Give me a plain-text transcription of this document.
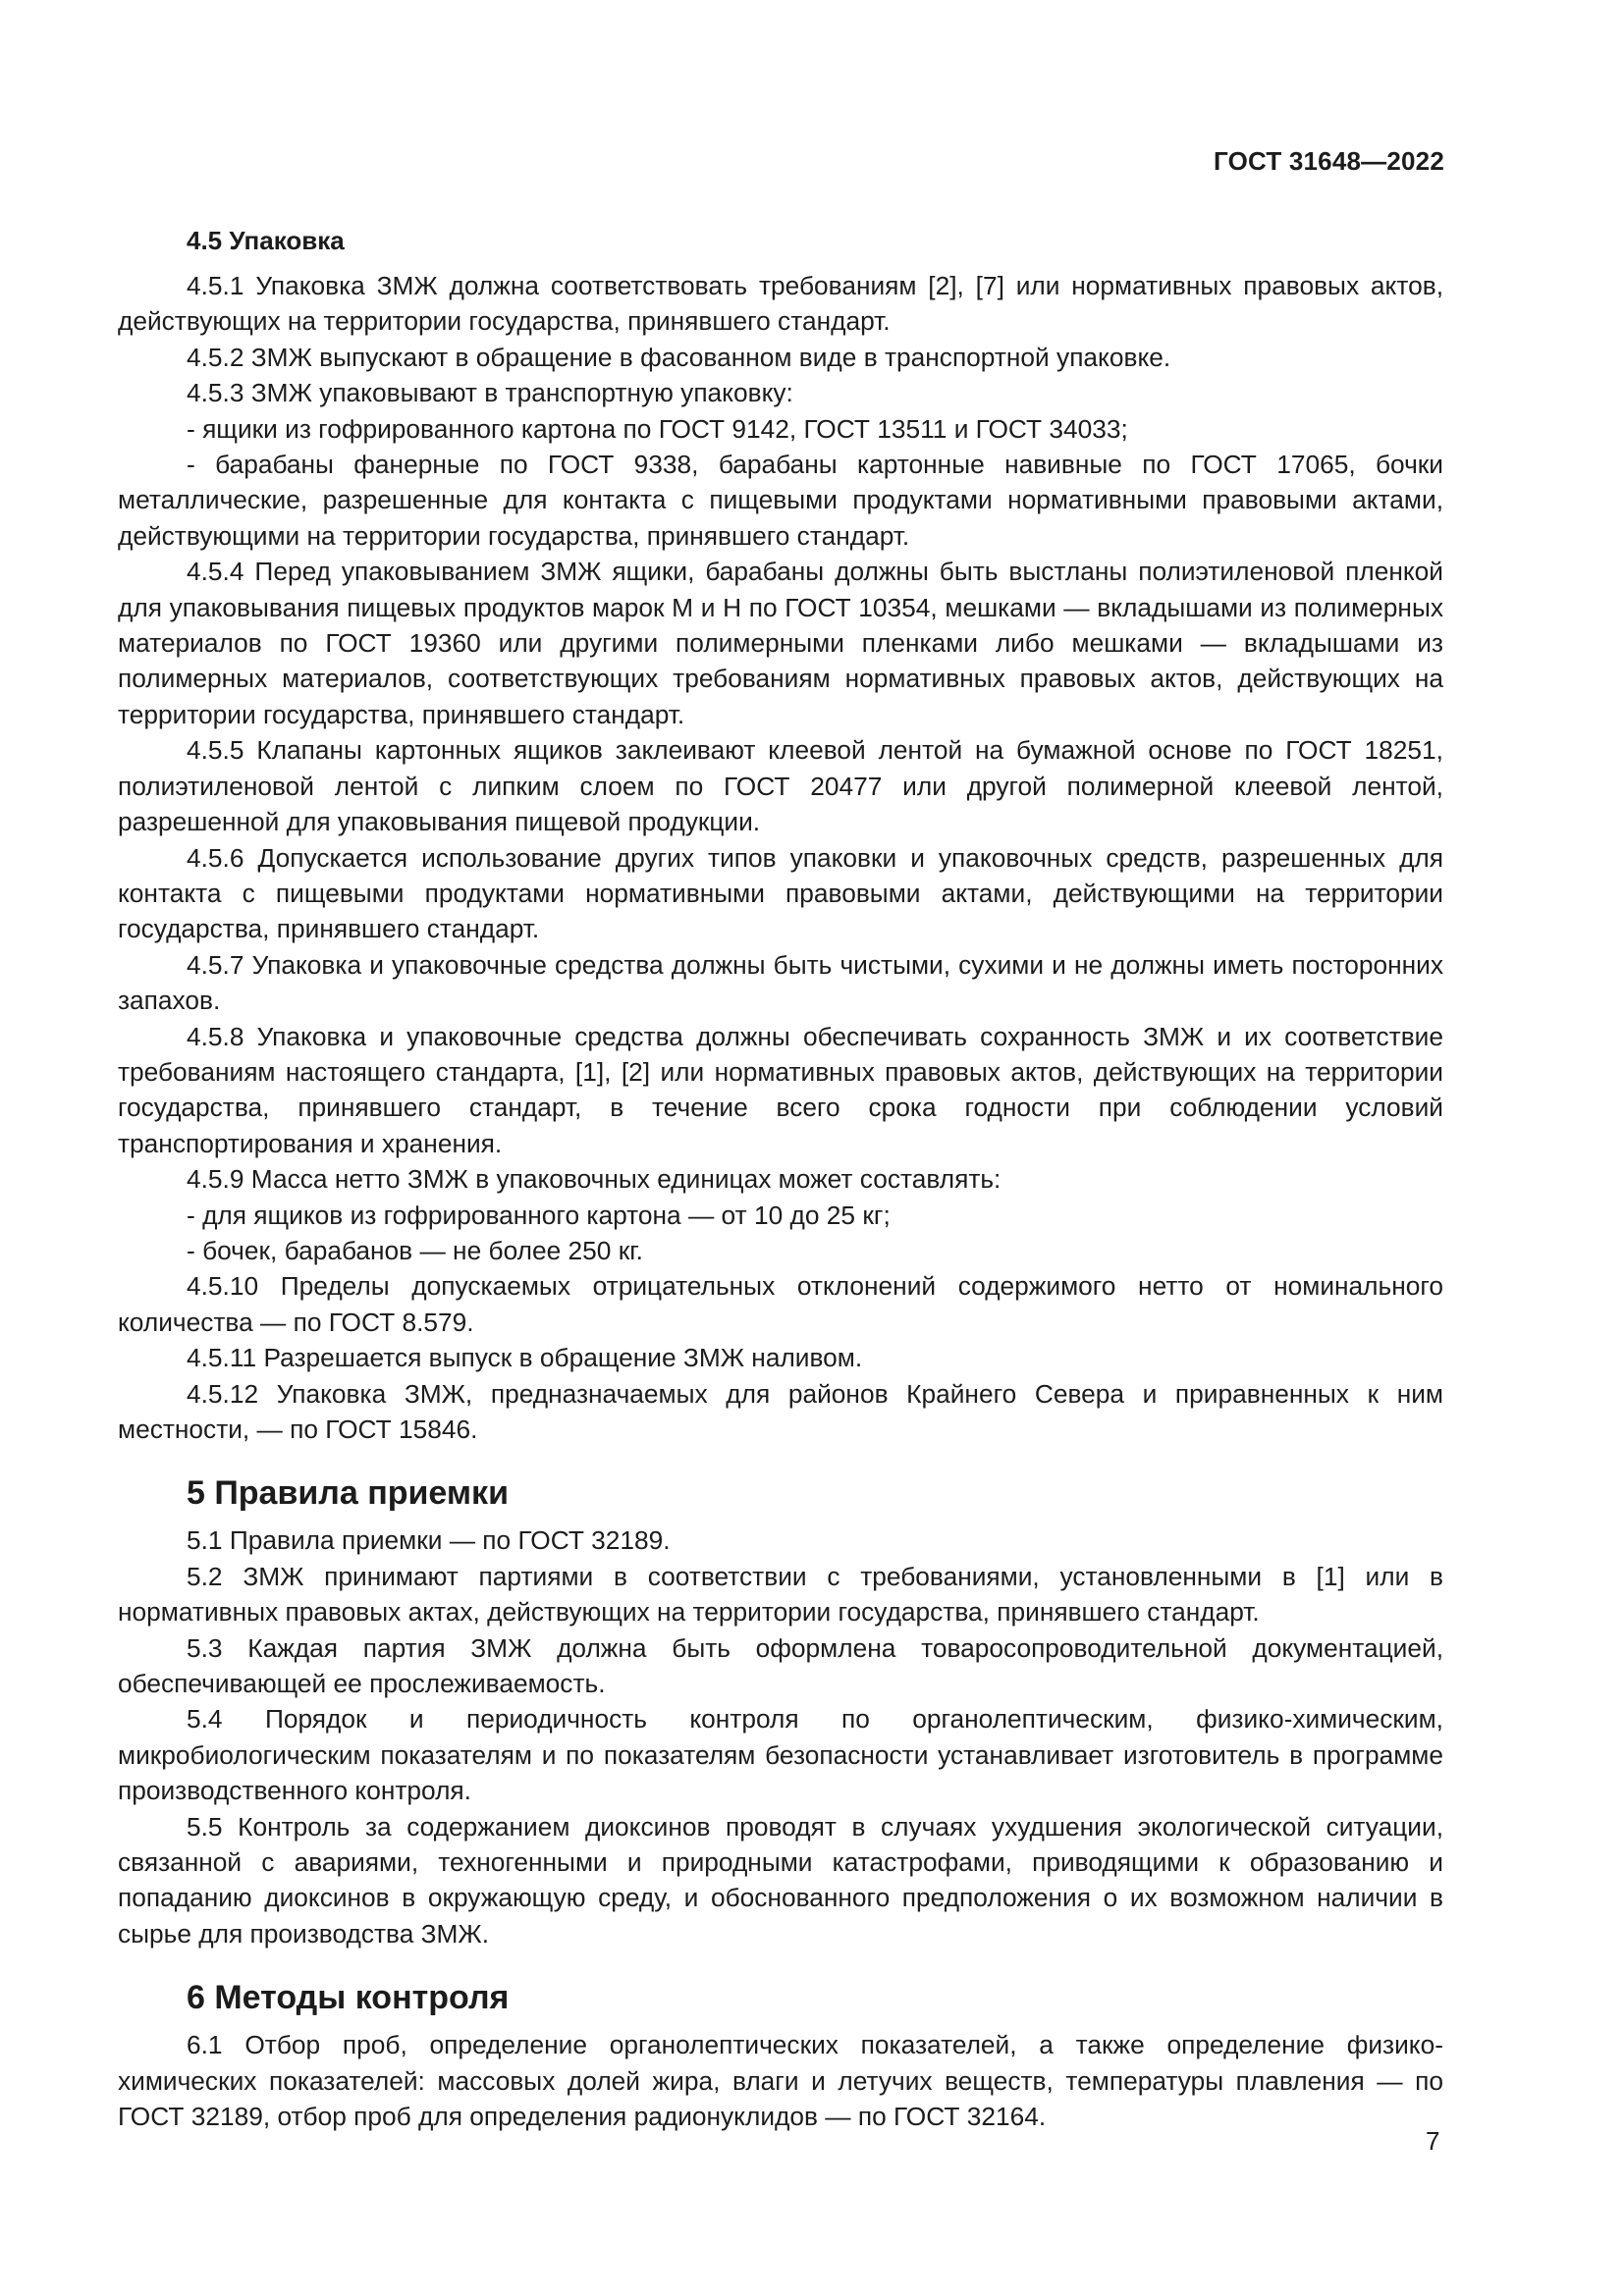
ГОСТ 31648—2022
4.5 Упаковка

4.5.1 Упаковка ЗМЖ должна соответствовать требованиям [2], [7] или нормативных правовых актов, действующих на территории государства, принявшего стандарт.

4.5.2 ЗМЖ выпускают в обращение в фасованном виде в транспортной упаковке.

4.5.3 ЗМЖ упаковывают в транспортную упаковку:

- ящики из гофрированного картона по ГОСТ 9142, ГОСТ 13511 и ГОСТ 34033;

- барабаны фанерные по ГОСТ 9338, барабаны картонные навивные по ГОСТ 17065, бочки металлические, разрешенные для контакта с пищевыми продуктами нормативными правовыми актами, действующими на территории государства, принявшего стандарт.

4.5.4 Перед упаковыванием ЗМЖ ящики, барабаны должны быть выстланы полиэтиленовой пленкой для упаковывания пищевых продуктов марок М и Н по ГОСТ 10354, мешками — вкладышами из полимерных материалов по ГОСТ 19360 или другими полимерными пленками либо мешками — вкладышами из полимерных материалов, соответствующих требованиям нормативных правовых актов, действующих на территории государства, принявшего стандарт.

4.5.5 Клапаны картонных ящиков заклеивают клеевой лентой на бумажной основе по ГОСТ 18251, полиэтиленовой лентой с липким слоем по ГОСТ 20477 или другой полимерной клеевой лентой, разрешенной для упаковывания пищевой продукции.

4.5.6 Допускается использование других типов упаковки и упаковочных средств, разрешенных для контакта с пищевыми продуктами нормативными правовыми актами, действующими на территории государства, принявшего стандарт.

4.5.7 Упаковка и упаковочные средства должны быть чистыми, сухими и не должны иметь посторонних запахов.

4.5.8 Упаковка и упаковочные средства должны обеспечивать сохранность ЗМЖ и их соответствие требованиям настоящего стандарта, [1], [2] или нормативных правовых актов, действующих на территории государства, принявшего стандарт, в течение всего срока годности при соблюдении условий транспортирования и хранения.

4.5.9 Масса нетто ЗМЖ в упаковочных единицах может составлять:

- для ящиков из гофрированного картона — от 10 до 25 кг;

- бочек, барабанов — не более 250 кг.

4.5.10 Пределы допускаемых отрицательных отклонений содержимого нетто от номинального количества — по ГОСТ 8.579.

4.5.11 Разрешается выпуск в обращение ЗМЖ наливом.

4.5.12 Упаковка ЗМЖ, предназначаемых для районов Крайнего Севера и приравненных к ним местности, — по ГОСТ 15846.

5 Правила приемки

5.1 Правила приемки — по ГОСТ 32189.

5.2 ЗМЖ принимают партиями в соответствии с требованиями, установленными в [1] или в нормативных правовых актах, действующих на территории государства, принявшего стандарт.

5.3 Каждая партия ЗМЖ должна быть оформлена товаросопроводительной документацией, обеспечивающей ее прослеживаемость.

5.4 Порядок и периодичность контроля по органолептическим, физико-химическим, микробиологическим показателям и по показателям безопасности устанавливает изготовитель в программе производственного контроля.

5.5 Контроль за содержанием диоксинов проводят в случаях ухудшения экологической ситуации, связанной с авариями, техногенными и природными катастрофами, приводящими к образованию и попаданию диоксинов в окружающую среду, и обоснованного предположения о их возможном наличии в сырье для производства ЗМЖ.

6 Методы контроля

6.1 Отбор проб, определение органолептических показателей, а также определение физико-химических показателей: массовых долей жира, влаги и летучих веществ, температуры плавления — по ГОСТ 32189, отбор проб для определения радионуклидов — по ГОСТ 32164.

7
